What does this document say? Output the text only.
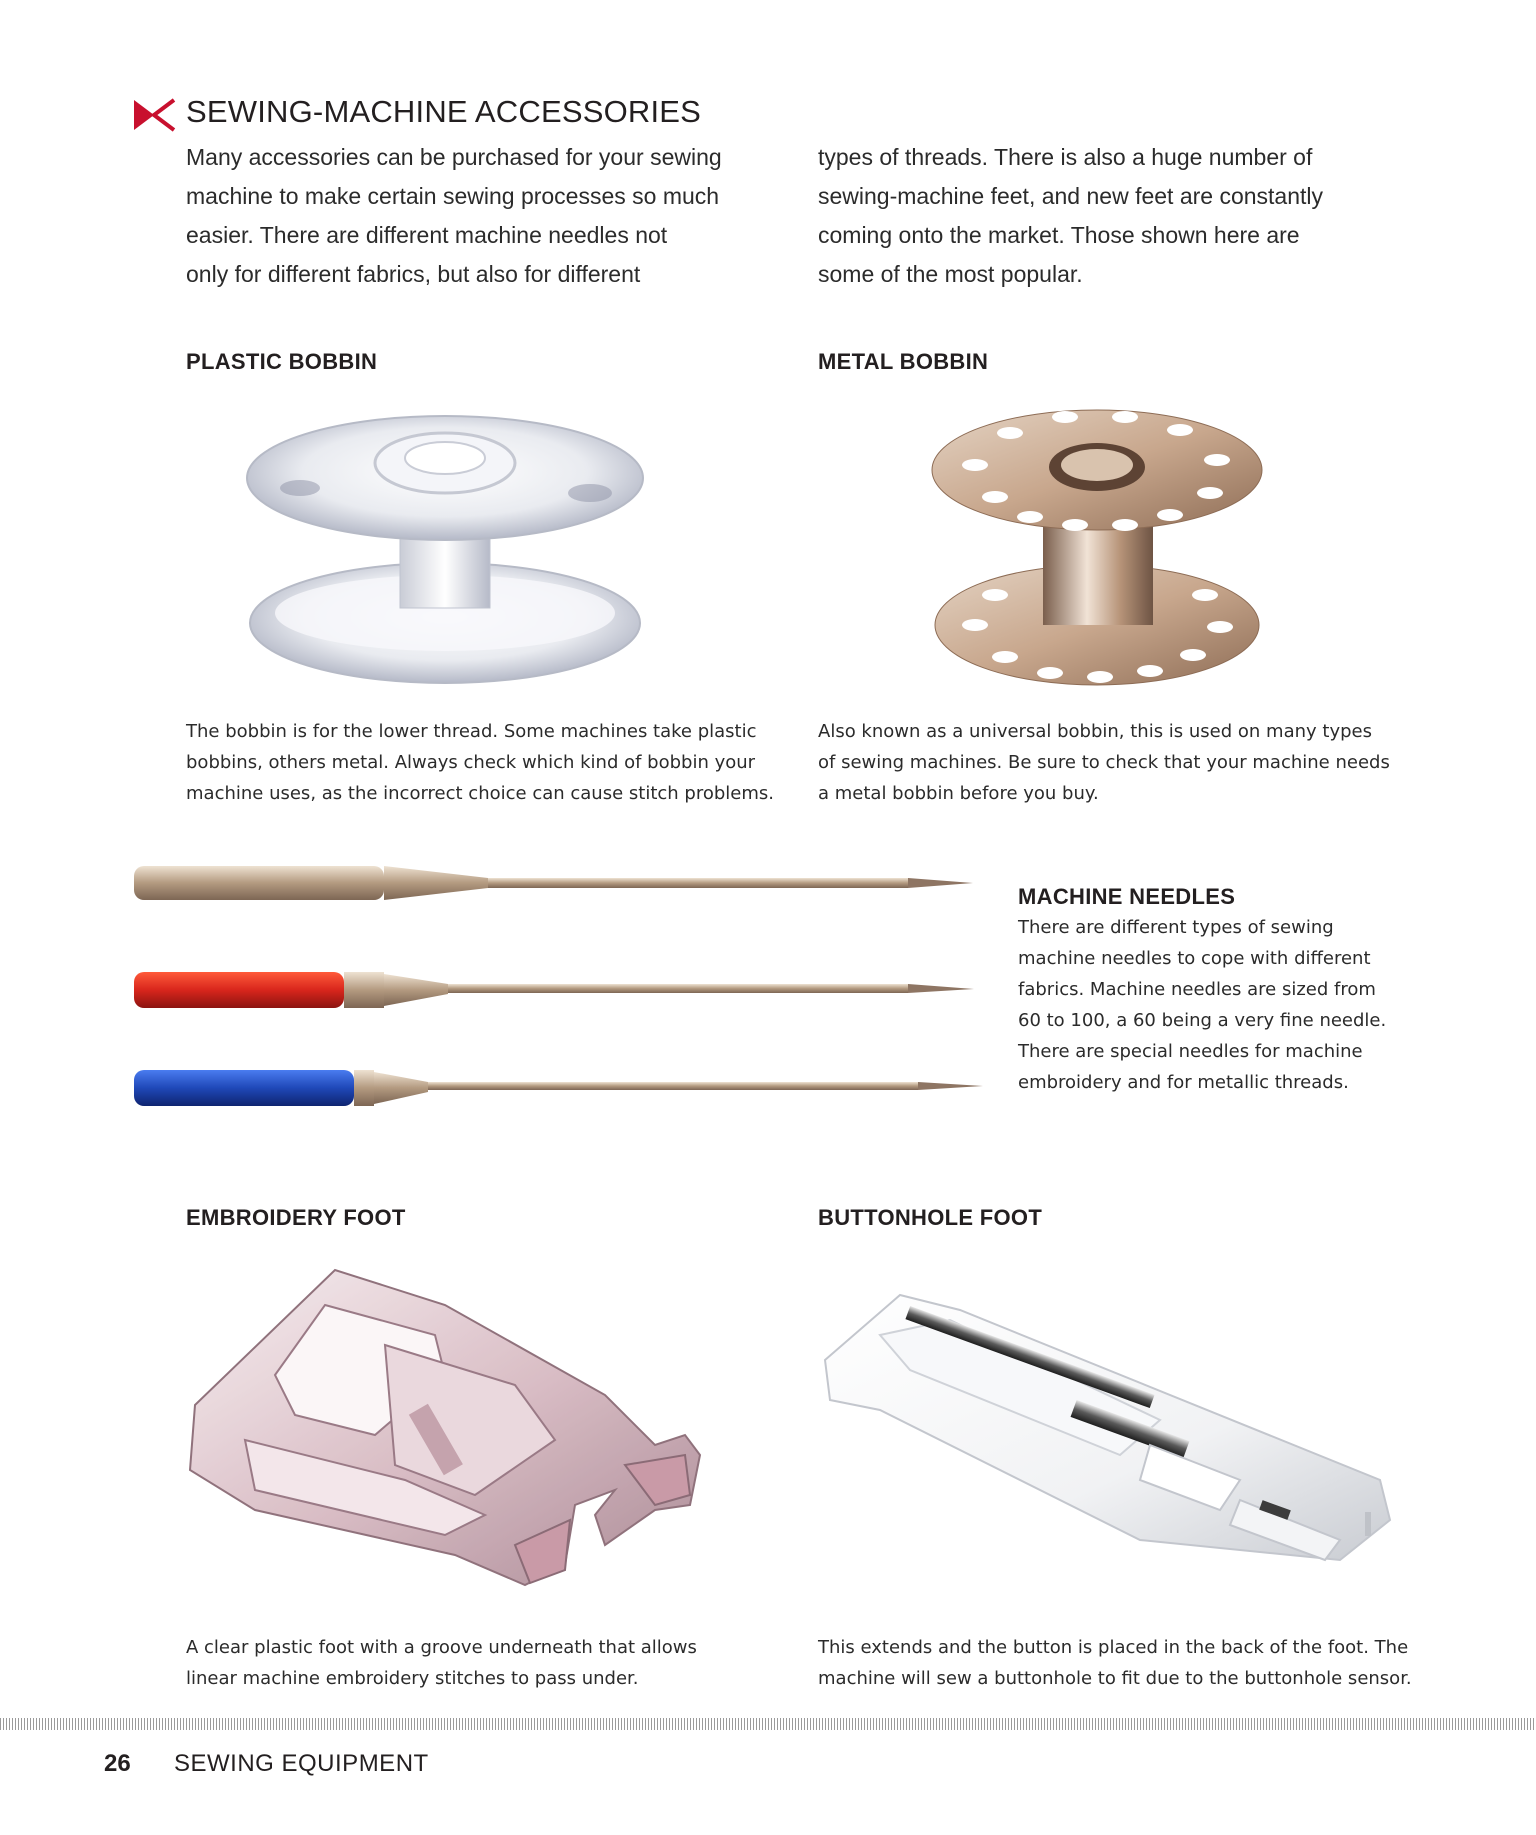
SEWING-MACHINE ACCESSORIES
Many accessories can be purchased for your sewing
machine to make certain sewing processes so much
easier. There are different machine needles not
only for different fabrics, but also for different
types of threads. There is also a huge number of
sewing-machine feet, and new feet are constantly
coming onto the market. Those shown here are
some of the most popular.
PLASTIC BOBBIN
The bobbin is for the lower thread. Some machines take plastic
bobbins, others metal. Always check which kind of bobbin your
machine uses, as the incorrect choice can cause stitch problems.
METAL BOBBIN
Also known as a universal bobbin, this is used on many types
of sewing machines. Be sure to check that your machine needs
a metal bobbin before you buy.
MACHINE NEEDLES
There are different types of sewing
machine needles to cope with different
fabrics. Machine needles are sized from
60 to 100, a 60 being a very fine needle.
There are special needles for machine
embroidery and for metallic threads.
EMBROIDERY FOOT
A clear plastic foot with a groove underneath that allows
linear machine embroidery stitches to pass under.
BUTTONHOLE FOOT
This extends and the button is placed in the back of the foot. The
machine will sew a buttonhole to fit due to the buttonhole sensor.
26 SEWING EQUIPMENT
